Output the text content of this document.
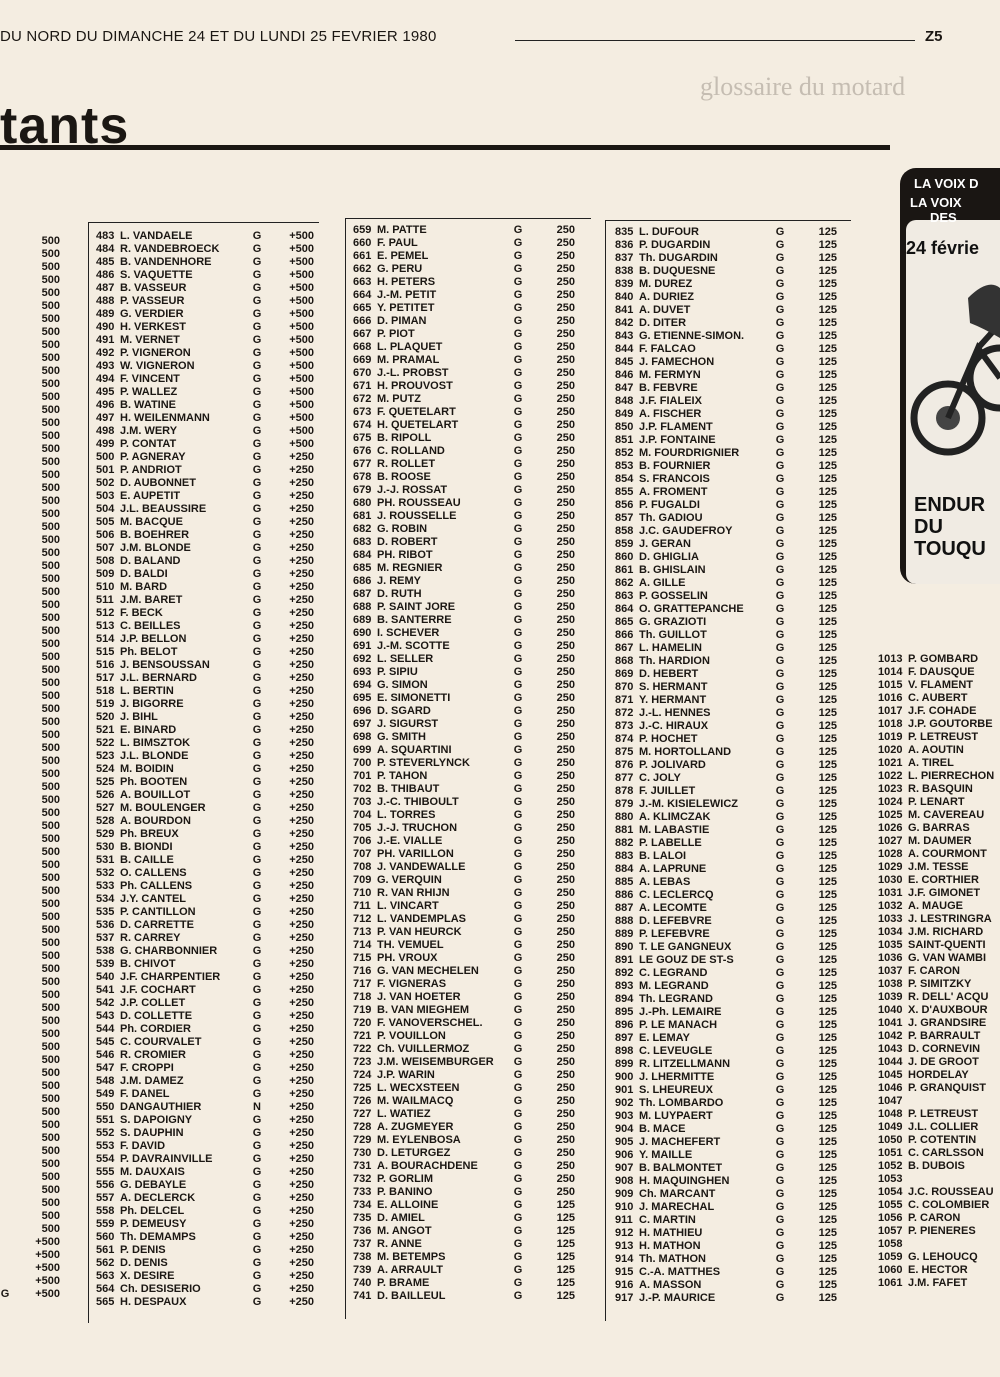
DU NORD DU DIMANCHE 24 ET DU LUNDI 25 FEVRIER 1980	Z5
glossaire du motard
tants
500
500
500
500
500
500
500
500
500
500
500
500
500
500
500
500
500
500
500
500
500
500
500
500
500
500
500
500
500
500
500
500
500
500
500
500
500
500
500
500
500
500
500
500
500
500
500
500
500
500
500
500
500
500
500
500
500
500
500
500
500
500
500
500
500
500
500
500
500
500
500
500
500
500
500
500
500
+500
+500
+500
+500
G	+500
483 L. VANDAELE	G	+500
484 R. VANDEBROECK	G	+500
485 B. VANDENHORE	G	+500
486 S. VAQUETTE	G	+500
487 B. VASSEUR	G	+500
488 P. VASSEUR	G	+500
489 G. VERDIER	G	+500
490 H. VERKEST	G	+500
491 M. VERNET	G	+500
492 P. VIGNERON	G	+500
493 W. VIGNERON	G	+500
494 F. VINCENT	G	+500
495 P. WALLEZ	G	+500
496 B. WATINE	G	+500
497 H. WEILENMANN	G	+500
498 J.M. WERY	G	+500
499 P. CONTAT	G	+500
500 P. AGNERAY	G	+250
501 P. ANDRIOT	G	+250
502 D. AUBONNET	G	+250
503 E. AUPETIT	G	+250
504 J.L. BEAUSSIRE	G	+250
505 M. BACQUE	G	+250
506 B. BOEHRER	G	+250
507 J.M. BLONDE	G	+250
508 D. BALAND	G	+250
509 D. BALDI	G	+250
510 M. BARD	G	+250
511 J.M. BARET	G	+250
512 F. BECK	G	+250
513 C. BEILLES	G	+250
514 J.P. BELLON	G	+250
515 Ph. BELOT	G	+250
516 J. BENSOUSSAN	G	+250
517 J.L. BERNARD	G	+250
518 L. BERTIN	G	+250
519 J. BIGORRE	G	+250
520 J. BIHL	G	+250
521 E. BINARD	G	+250
522 L. BIMSZTOK	G	+250
523 J.L. BLONDE	G	+250
524 M. BOIDIN	G	+250
525 Ph. BOOTEN	G	+250
526 A. BOUILLOT	G	+250
527 M. BOULENGER	G	+250
528 A. BOURDON	G	+250
529 Ph. BREUX	G	+250
530 B. BIONDI	G	+250
531 B. CAILLE	G	+250
532 O. CALLENS	G	+250
533 Ph. CALLENS	G	+250
534 J.Y. CANTEL	G	+250
535 P. CANTILLON	G	+250
536 D. CARRETTE	G	+250
537 R. CARREY	G	+250
538 G. CHARBONNIER	G	+250
539 B. CHIVOT	G	+250
540 J.F. CHARPENTIER	G	+250
541 J.F. COCHART	G	+250
542 J.P. COLLET	G	+250
543 D. COLLETTE	G	+250
544 Ph. CORDIER	G	+250
545 C. COURVALET	G	+250
546 R. CROMIER	G	+250
547 F. CROPPI	G	+250
548 J.M. DAMEZ	G	+250
549 F. DANEL	G	+250
550 DANGAUTHIER	N	+250
551 S. DAPOIGNY	G	+250
552 S. DAUPHIN	G	+250
553 F. DAVID	G	+250
554 P. DAVRAINVILLE	G	+250
555 M. DAUXAIS	G	+250
556 G. DEBAYLE	G	+250
557 A. DECLERCK	G	+250
558 Ph. DELCEL	G	+250
559 P. DEMEUSY	G	+250
560 Th. DEMAMPS	G	+250
561 P. DENIS	G	+250
562 D. DENIS	G	+250
563 X. DESIRE	G	+250
564 Ch. DESISERIO	G	+250
565 H. DESPAUX	G	+250
659 M. PATTE	G	250
660 F. PAUL	G	250
661 E. PEMEL	G	250
662 G. PERU	G	250
663 H. PETERS	G	250
664 J.-M. PETIT	G	250
665 Y. PETITET	G	250
666 D. PIMAN	G	250
667 P. PIOT	G	250
668 L. PLAQUET	G	250
669 M. PRAMAL	G	250
670 J.-L. PROBST	G	250
671 H. PROUVOST	G	250
672 M. PUTZ	G	250
673 F. QUETELART	G	250
674 H. QUETELART	G	250
675 B. RIPOLL	G	250
676 C. ROLLAND	G	250
677 R. ROLLET	G	250
678 B. ROOSE	G	250
679 J.-J. ROSSAT	G	250
680 PH. ROUSSEAU	G	250
681 J. ROUSSELLE	G	250
682 G. ROBIN	G	250
683 D. ROBERT	G	250
684 PH. RIBOT	G	250
685 M. REGNIER	G	250
686 J. REMY	G	250
687 D. RUTH	G	250
688 P. SAINT JORE	G	250
689 B. SANTERRE	G	250
690 I. SCHEVER	G	250
691 J.-M. SCOTTE	G	250
692 L. SELLER	G	250
693 P. SIPIU	G	250
694 G. SIMON	G	250
695 E. SIMONETTI	G	250
696 D. SGARD	G	250
697 J. SIGURST	G	250
698 G. SMITH	G	250
699 A. SQUARTINI	G	250
700 P. STEVERLYNCK	G	250
701 P. TAHON	G	250
702 B. THIBAUT	G	250
703 J.-C. THIBOULT	G	250
704 L. TORRES	G	250
705 J.-J. TRUCHON	G	250
706 J.-E. VIALLE	G	250
707 PH. VARILLON	G	250
708 J. VANDEWALLE	G	250
709 G. VERQUIN	G	250
710 R. VAN RHIJN	G	250
711 L. VINCART	G	250
712 L. VANDEMPLAS	G	250
713 P. VAN HEURCK	G	250
714 TH. VEMUEL	G	250
715 PH. VROUX	G	250
716 G. VAN MECHELEN	G	250
717 F. VIGNERAS	G	250
718 J. VAN HOETER	G	250
719 B. VAN MIEGHEM	G	250
720 F. VANOVERSCHEL.	G	250
721 P. VOUILLON	G	250
722 Ch. VUILLERMOZ	G	250
723 J.M. WEISEMBURGER	G	250
724 J.P. WARIN	G	250
725 L. WECXSTEEN	G	250
726 M. WAILMACQ	G	250
727 L. WATIEZ	G	250
728 A. ZUGMEYER	G	250
729 M. EYLENBOSA	G	250
730 D. LETURGEZ	G	250
731 A. BOURACHDENE	G	250
732 P. GORLIM	G	250
733 P. BANINO	G	250
734 E. ALLOINE	G	125
735 D. AMIEL	G	125
736 M. ANGOT	G	125
737 R. ANNE	G	125
738 M. BETEMPS	G	125
739 A. ARRAULT	G	125
740 P. BRAME	G	125
741 D. BAILLEUL	G	125
835 L. DUFOUR	G	125
836 P. DUGARDIN	G	125
837 Th. DUGARDIN	G	125
838 B. DUQUESNE	G	125
839 M. DUREZ	G	125
840 A. DURIEZ	G	125
841 A. DUVET	G	125
842 D. DITER	G	125
843 G. ETIENNE-SIMON.	G	125
844 F. FALCAO	G	125
845 J. FAMECHON	G	125
846 M. FERMYN	G	125
847 B. FEBVRE	G	125
848 J.F. FIALEIX	G	125
849 A. FISCHER	G	125
850 J.P. FLAMENT	G	125
851 J.P. FONTAINE	G	125
852 M. FOURDRIGNIER	G	125
853 B. FOURNIER	G	125
854 S. FRANCOIS	G	125
855 A. FROMENT	G	125
856 P. FUGALDI	G	125
857 Th. GADIOU	G	125
858 J.C. GAUDEFROY	G	125
859 J. GERAN	G	125
860 D. GHIGLIA	G	125
861 B. GHISLAIN	G	125
862 A. GILLE	G	125
863 P. GOSSELIN	G	125
864 O. GRATTEPANCHE	G	125
865 G. GRAZIOTI	G	125
866 Th. GUILLOT	G	125
867 L. HAMELIN	G	125
868 Th. HARDION	G	125
869 D. HEBERT	G	125
870 S. HERMANT	G	125
871 Y. HERMANT	G	125
872 J.-L. HENNES	G	125
873 J.-C. HIRAUX	G	125
874 P. HOCHET	G	125
875 M. HORTOLLAND	G	125
876 P. JOLIVARD	G	125
877 C. JOLY	G	125
878 F. JUILLET	G	125
879 J.-M. KISIELEWICZ	G	125
880 A. KLIMCZAK	G	125
881 M. LABASTIE	G	125
882 P. LABELLE	G	125
883 B. LALOI	G	125
884 A. LAPRUNE	G	125
885 A. LEBAS	G	125
886 C. LECLERCQ	G	125
887 A. LECOMTE	G	125
888 D. LEFEBVRE	G	125
889 P. LEFEBVRE	G	125
890 T. LE GANGNEUX	G	125
891 LE GOUZ DE ST-S	G	125
892 C. LEGRAND	G	125
893 M. LEGRAND	G	125
894 Th. LEGRAND	G	125
895 J.-Ph. LEMAIRE	G	125
896 P. LE MANACH	G	125
897 E. LEMAY	G	125
898 C. LEVEUGLE	G	125
899 R. LITZELLMANN	G	125
900 J. LHERMITTE	G	125
901 S. LHEUREUX	G	125
902 Th. LOMBARDO	G	125
903 M. LUYPAERT	G	125
904 B. MACE	G	125
905 J. MACHEFERT	G	125
906 Y. MAILLE	G	125
907 B. BALMONTET	G	125
908 H. MAQUINGHEN	G	125
909 Ch. MARCANT	G	125
910 J. MARECHAL	G	125
911 C. MARTIN	G	125
912 H. MATHIEU	G	125
913 H. MATHON	G	125
914 Th. MATHON	G	125
915 C.-A. MATTHES	G	125
916 A. MASSON	G	125
917 J.-P. MAURICE	G	125
1013 P. GOMBARD
1014 F. DAUSQUE
1015 V. FLAMENT
1016 C. AUBERT
1017 J.F. COHADE
1018 J.P. GOUTORBE
1019 P. LETREUST
1020 A. AOUTIN
1021 A. TIREL
1022 L. PIERRECHON
1023 R. BASQUIN
1024 P. LENART
1025 M. CAVEREAU
1026 G. BARRAS
1027 M. DAUMER
1028 A. COURMONT
1029 J.M. TESSE
1030 E. CORTHIER
1031 J.F. GIMONET
1032 A. MAUGE
1033 J. LESTRINGRA
1034 J.M. RICHARD
1035 SAINT-QUENTI
1036 G. VAN WAMBI
1037 F. CARON
1038 P. SIMITZKY
1039 R. DELL' ACQU
1040 X. D'AUXBOUR
1041 J. GRANDSIRE
1042 P. BARRAULT
1043 D. CORNEVIN
1044 J. DE GROOT
1045 HORDELAY
1046 P. GRANQUIST
1047
1048 P. LETREUST
1049 J.L. COLLIER
1050 P. COTENTIN
1051 C. CARLSSON
1052 B. DUBOIS
1053
1054 J.C. ROUSSEAU
1055 C. COLOMBIER
1056 P. CARON
1057 P. PIENERES
1058
1059 G. LEHOUCQ
1060 E. HECTOR
1061 J.M. FAFET
LA VOIX D
LA VOIX
DES
24 févrie
ENDUR
DU
TOUQU
